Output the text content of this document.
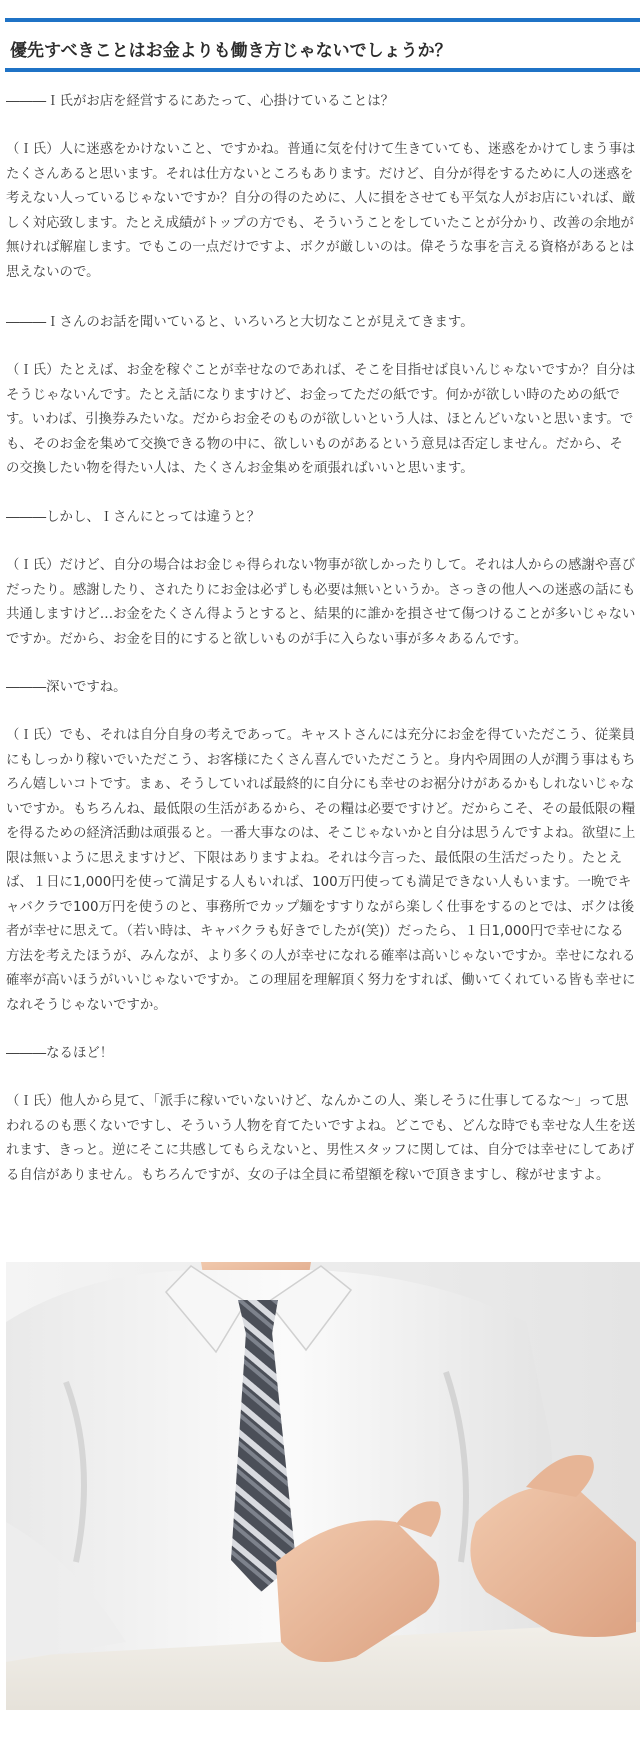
優先すべきことはお金よりも働き方じゃないでしょうか？

―――Ｉ氏がお店を経営するにあたって、心掛けていることは？

（Ｉ氏）人に迷惑をかけないこと、ですかね。普通に気を付けて生きていても、迷惑をかけてしまう事はたくさんあると思います。それは仕方ないところもあります。だけど、自分が得をするために人の迷惑を考えない人っているじゃないですか？自分の得のために、人に損をさせても平気な人がお店にいれば、厳しく対応致します。たとえ成績がトップの方でも、そういうことをしていたことが分かり、改善の余地が無ければ解雇します。でもこの一点だけですよ、ボクが厳しいのは。偉そうな事を言える資格があるとは思えないので。

―――Ｉさんのお話を聞いていると、いろいろと大切なことが見えてきます。

（Ｉ氏）たとえば、お金を稼ぐことが幸せなのであれば、そこを目指せば良いんじゃないですか？自分はそうじゃないんです。たとえ話になりますけど、お金ってただの紙です。何かが欲しい時のための紙です。いわば、引換券みたいな。だからお金そのものが欲しいという人は、ほとんどいないと思います。でも、そのお金を集めて交換できる物の中に、欲しいものがあるという意見は否定しません。だから、その交換したい物を得たい人は、たくさんお金集めを頑張ればいいと思います。

―――しかし、Ｉさんにとっては違うと？

（Ｉ氏）だけど、自分の場合はお金じゃ得られない物事が欲しかったりして。それは人からの感謝や喜びだったり。感謝したり、されたりにお金は必ずしも必要は無いというか。さっきの他人への迷惑の話にも共通しますけど…お金をたくさん得ようとすると、結果的に誰かを損させて傷つけることが多いじゃないですか。だから、お金を目的にすると欲しいものが手に入らない事が多々あるんです。

―――深いですね。

（Ｉ氏）でも、それは自分自身の考えであって。キャストさんには充分にお金を得ていただこう、従業員にもしっかり稼いでいただこう、お客様にたくさん喜んでいただこうと。身内や周囲の人が潤う事はもちろん嬉しいコトです。まぁ、そうしていれば最終的に自分にも幸せのお裾分けがあるかもしれないじゃないですか。もちろんね、最低限の生活があるから、その糧は必要ですけど。だからこそ、その最低限の糧を得るための経済活動は頑張ると。一番大事なのは、そこじゃないかと自分は思うんですよね。欲望に上限は無いように思えますけど、下限はありますよね。それは今言った、最低限の生活だったり。たとえば、１日に1,000円を使って満足する人もいれば、100万円使っても満足できない人もいます。一晩でキャバクラで100万円を使うのと、事務所でカップ麺をすすりながら楽しく仕事をするのとでは、ボクは後者が幸せに思えて。（若い時は、キャバクラも好きでしたが(笑)）だったら、１日1,000円で幸せになる方法を考えたほうが、みんなが、より多くの人が幸せになれる確率は高いじゃないですか。幸せになれる確率が高いほうがいいじゃないですか。この理屈を理解頂く努力をすれば、働いてくれている皆も幸せになれそうじゃないですか。

―――なるほど！

（Ｉ氏）他人から見て、「派手に稼いでいないけど、なんかこの人、楽しそうに仕事してるな～」って思われるのも悪くないですし、そういう人物を育てたいですよね。どこでも、どんな時でも幸せな人生を送れます、きっと。逆にそこに共感してもらえないと、男性スタッフに関しては、自分では幸せにしてあげる自信がありません。もちろんですが、女の子は全員に希望額を稼いで頂きますし、稼がせますよ。
